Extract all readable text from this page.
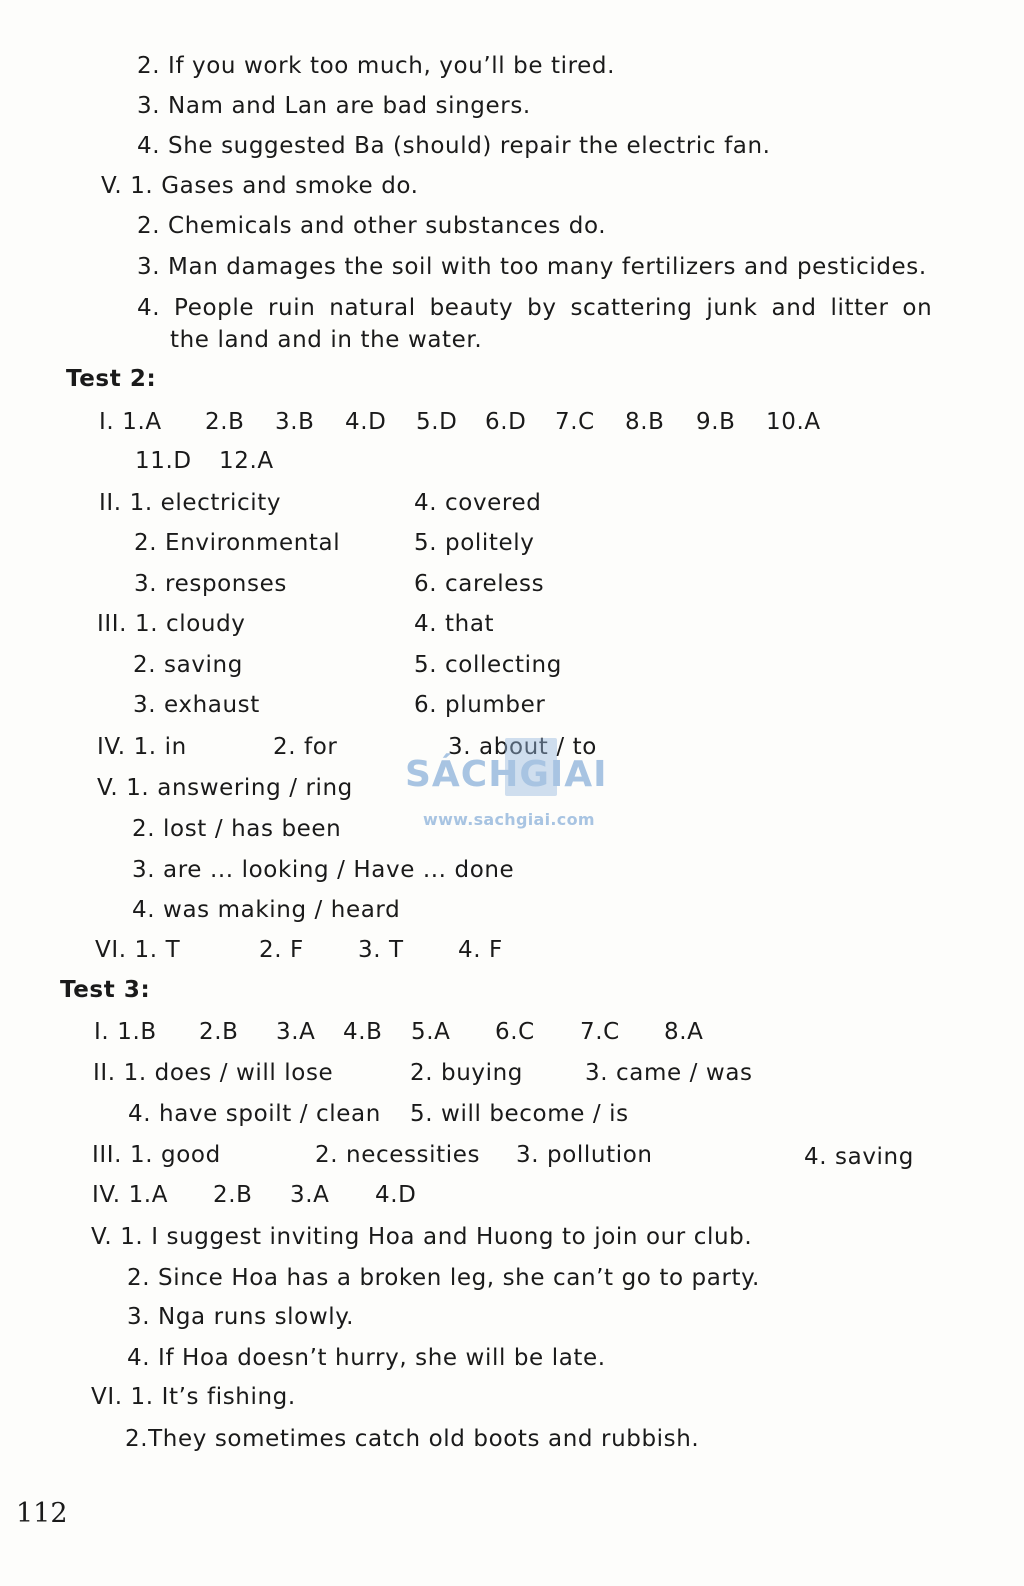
2. If you work too much, you’ll be tired.
3. Nam and Lan are bad singers.
4. She suggested Ba (should) repair the electric fan.
V. 1. Gases and smoke do.
2. Chemicals and other substances do.
3. Man damages the soil with too many fertilizers and pesticides.
4. People ruin natural beauty by scattering junk and litter on
the land and in the water.
Test 2:
I. 1.A 2.B 3.B 4.D 5.D 6.D 7.C 8.B 9.B 10.A
11.D 12.A
II. 1. electricity	4. covered
2. Environmental	5. politely
3. responses	6. careless
III. 1. cloudy	4. that
2. saving	5. collecting
3. exhaust	6. plumber
IV. 1. in	2. for	3. about / to
SÁCHGIAI
www.sachgiai.com
V. 1. answering / ring
2. lost / has been
3. are ... looking / Have ... done
4. was making / heard
VI. 1. T	2. F 3. T 4. F
Test 3:
I. 1.B 2.B 3.A 4.B 5.A 6.C 7.C 8.A
II. 1. does / will lose	2. buying	3. came / was
4. have spoilt / clean 5. will become / is
III. 1. good	2. necessities 3. pollution	4. saving
IV. 1.A 2.B 3.A 4.D
V. 1. I suggest inviting Hoa and Huong to join our club.
2. Since Hoa has a broken leg, she can’t go to party.
3. Nga runs slowly.
4. If Hoa doesn’t hurry, she will be late.
VI. 1. It’s fishing.
2.They sometimes catch old boots and rubbish.
112
